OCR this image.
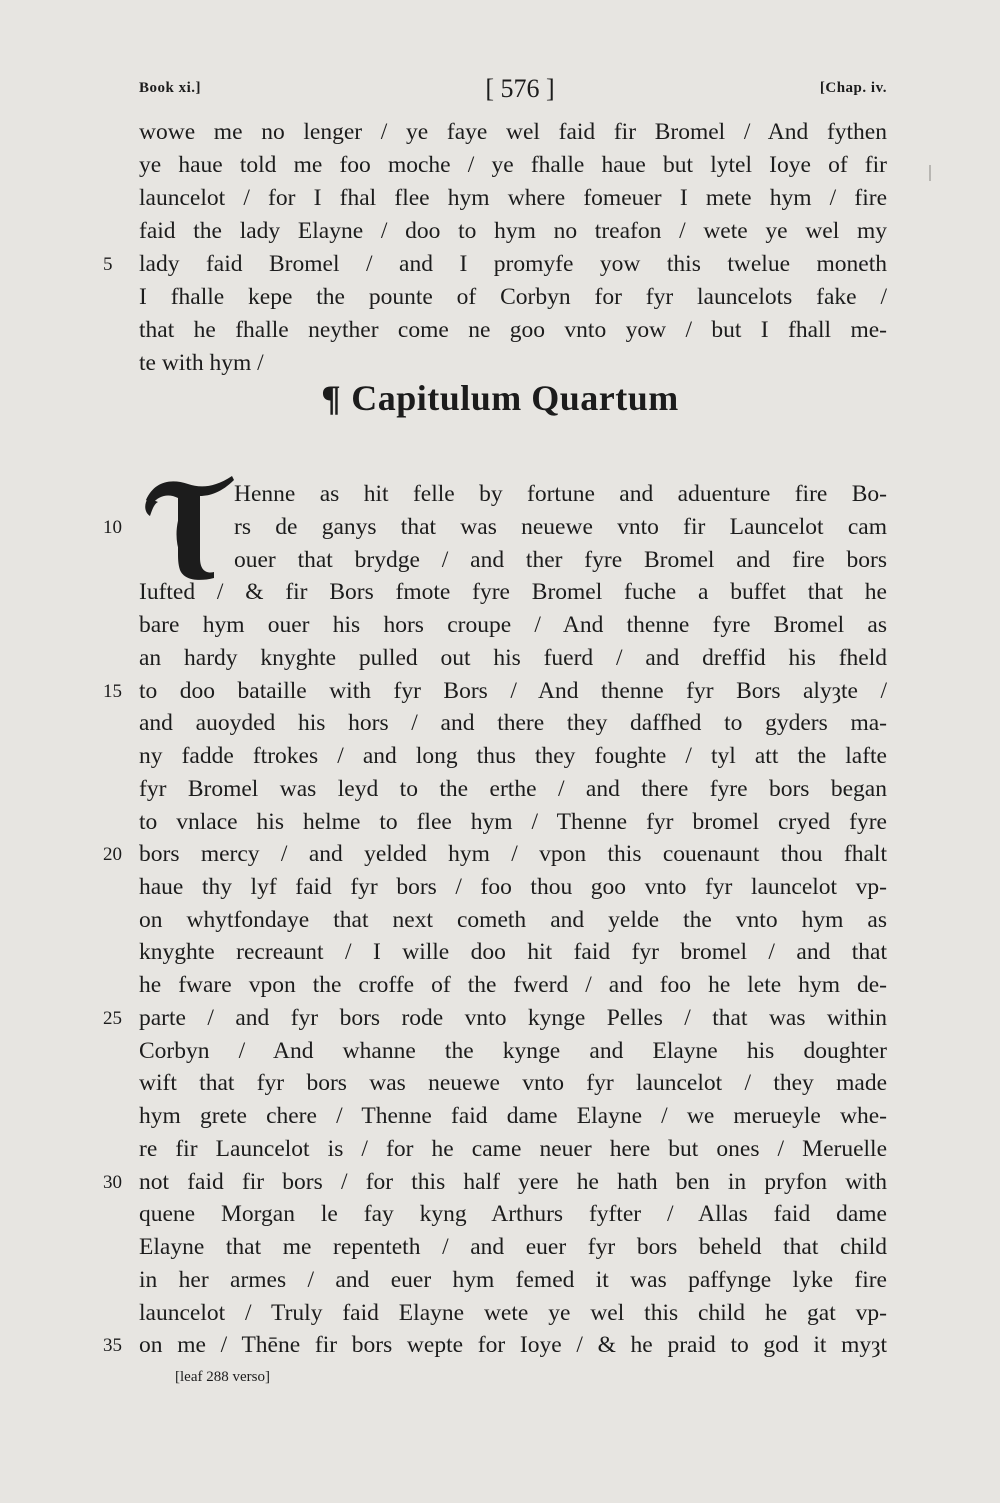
Book xi.]	[ 576 ]	[Chap. iv.
wowe me no lenger / ye faye wel faid fir Bromel / And fythen
ye haue told me foo moche / ye fhalle haue but lytel Ioye of fir
launcelot / for I fhal flee hym where fomeuer I mete hym / fire
faid the lady Elayne / doo to hym no treafon / wete ye wel my
5	lady faid Bromel / and I promyfe yow this twelue moneth
I fhalle kepe the pounte of Corbyn for fyr launcelots fake /
that he fhalle neyther come ne goo vnto yow / but I fhall me-
te with hym /
¶ Capitulum Quartum
Henne as hit felle by fortune and aduenture fire Bo-
10	rs de ganys that was neuewe vnto fir Launcelot cam
ouer that brydge / and ther fyre Bromel and fire bors
Iufted / & fir Bors fmote fyre Bromel fuche a buffet that he
bare hym ouer his hors croupe / And thenne fyre Bromel as
an hardy knyghte pulled out his fuerd / and dreffid his fheld
15 to doo bataille with fyr Bors / And thenne fyr Bors alyȝte /
and auoyded his hors / and there they daffhed to gyders ma-
ny fadde ftrokes / and long thus they foughte / tyl att the lafte
fyr Bromel was leyd to the erthe / and there fyre bors began
to vnlace his helme to flee hym / Thenne fyr bromel cryed fyre
20 bors mercy / and yelded hym / vpon this couenaunt thou fhalt
haue thy lyf faid fyr bors / foo thou goo vnto fyr launcelot vp-
on whytfondaye that next cometh and yelde the vnto hym as
knyghte recreaunt / I wille doo hit faid fyr bromel / and that
he fware vpon the croffe of the fwerd / and foo he lete hym de-
25 parte / and fyr bors rode vnto kynge Pelles / that was within
Corbyn / And whanne the kynge and Elayne his doughter
wift that fyr bors was neuewe vnto fyr launcelot / they made
hym grete chere / Thenne faid dame Elayne / we merueyle whe-
re fir Launcelot is / for he came neuer here but ones / Meruelle
30 not faid fir bors / for this half yere he hath ben in pryfon with
quene Morgan le fay kyng Arthurs fyfter / Allas faid dame
Elayne that me repenteth / and euer fyr bors beheld that child
in her armes / and euer hym femed it was paffynge lyke fire
launcelot / Truly faid Elayne wete ye wel this child he gat vp-
35 on me / Thēne fir bors wepte for Ioye / & he praid to god it myȝt
[leaf 288 verso]
